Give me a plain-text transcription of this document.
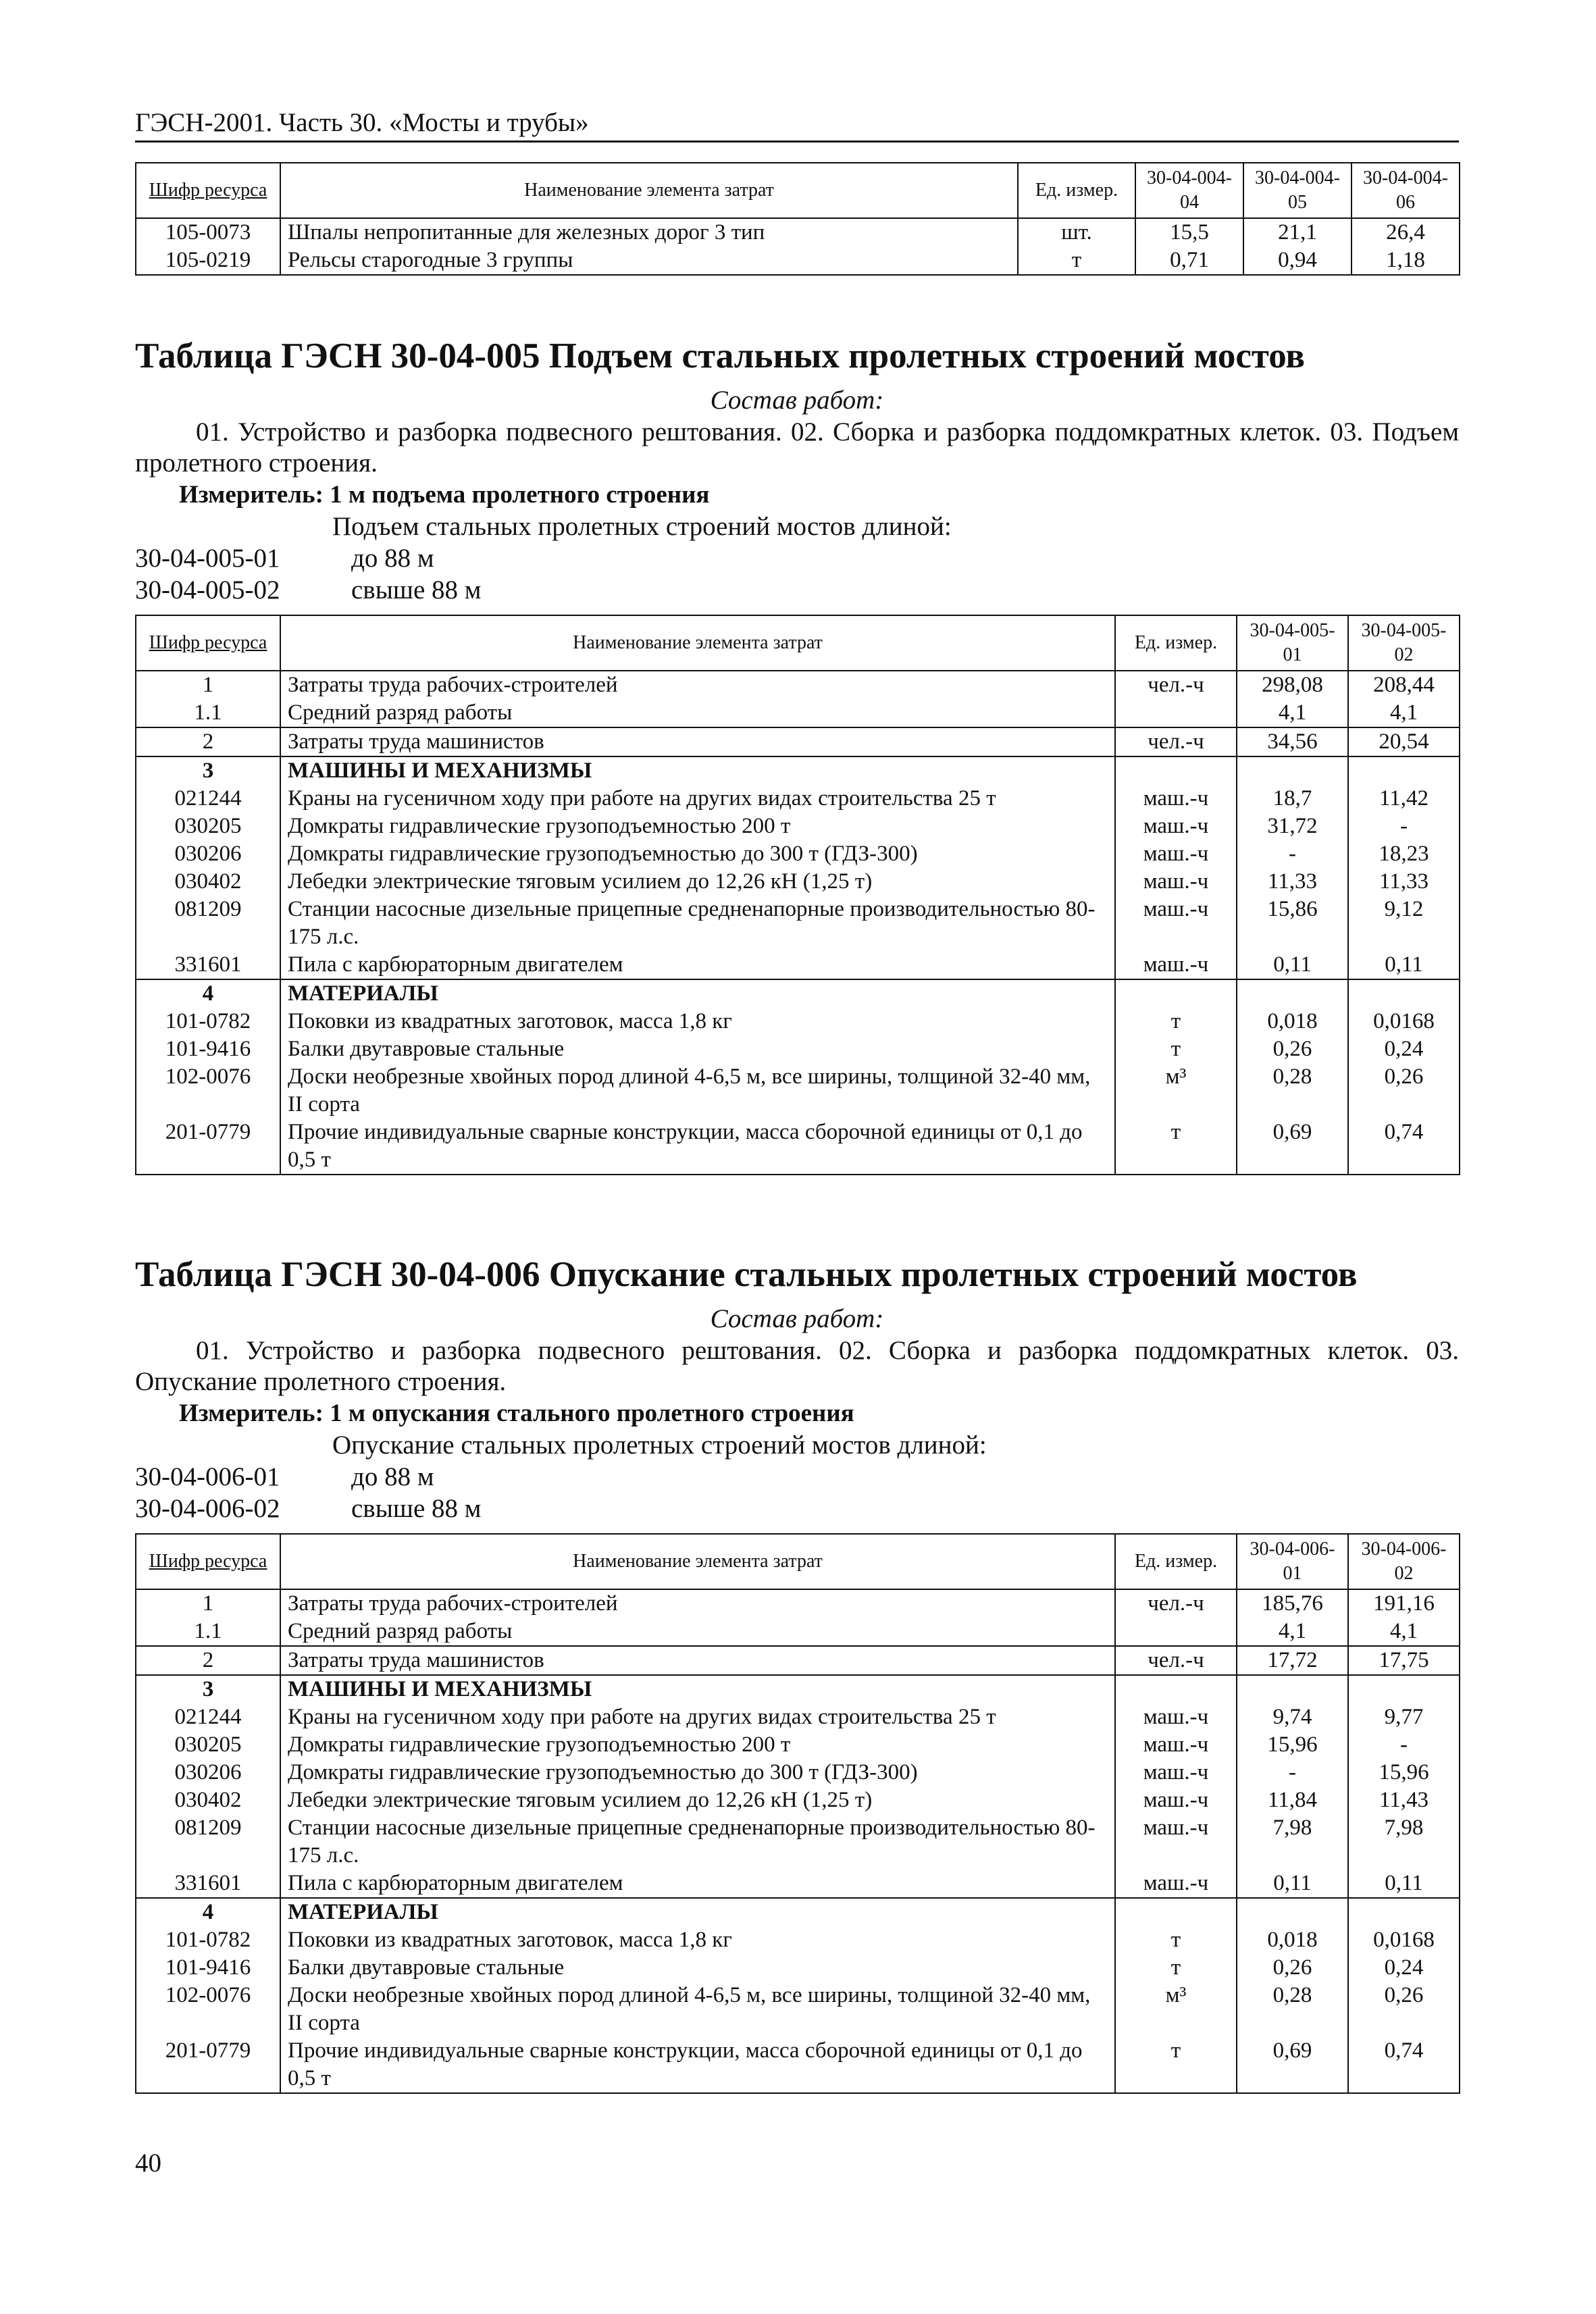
ГЭСН-2001. Часть 30. «Мосты и трубы»
Шифр ресурса	Наименование элемента затрат	Ед. измер.	30-04-004-04	30-04-004-05	30-04-004-06
105-0073	Шпалы непропитанные для железных дорог 3 тип	шт.	15,5	21,1	26,4
105-0219	Рельсы старогодные 3 группы	т	0,71	0,94	1,18
Таблица ГЭСН 30-04-005 Подъем стальных пролетных строений мостов
Состав работ:
01. Устройство и разборка подвесного рештования. 02. Сборка и разборка поддомкратных клеток. 03. Подъем пролетного строения.
Измеритель: 1 м подъема пролетного строения
Подъем стальных пролетных строений мостов длиной:
30-04-005-01	до 88 м
30-04-005-02	свыше 88 м
Шифр ресурса	Наименование элемента затрат	Ед. измер.	30-04-005-01	30-04-005-02
1	Затраты труда рабочих-строителей	чел.-ч	298,08	208,44
1.1	Средний разряд работы		4,1	4,1
2	Затраты труда машинистов	чел.-ч	34,56	20,54
3	МАШИНЫ И МЕХАНИЗМЫ			
021244	Краны на гусеничном ходу при работе на других видах строительства 25 т	маш.-ч	18,7	11,42
030205	Домкраты гидравлические грузоподъемностью 200 т	маш.-ч	31,72	-
030206	Домкраты гидравлические грузоподъемностью до 300 т (ГДЗ-300)	маш.-ч	-	18,23
030402	Лебедки электрические тяговым усилием до 12,26 кН (1,25 т)	маш.-ч	11,33	11,33
081209	Станции насосные дизельные прицепные средненапорные производительностью 80-175 л.с.	маш.-ч	15,86	9,12
331601	Пила с карбюраторным двигателем	маш.-ч	0,11	0,11
4	МАТЕРИАЛЫ			
101-0782	Поковки из квадратных заготовок, масса 1,8 кг	т	0,018	0,0168
101-9416	Балки двутавровые стальные	т	0,26	0,24
102-0076	Доски необрезные хвойных пород длиной 4-6,5 м, все ширины, толщиной 32-40 мм, II сорта	м³	0,28	0,26
201-0779	Прочие индивидуальные сварные конструкции, масса сборочной единицы от 0,1 до 0,5 т	т	0,69	0,74
Таблица ГЭСН 30-04-006 Опускание стальных пролетных строений мостов
Состав работ:
01. Устройство и разборка подвесного рештования. 02. Сборка и разборка поддомкратных клеток. 03. Опускание пролетного строения.
Измеритель: 1 м опускания стального пролетного строения
Опускание стальных пролетных строений мостов длиной:
30-04-006-01	до 88 м
30-04-006-02	свыше 88 м
Шифр ресурса	Наименование элемента затрат	Ед. измер.	30-04-006-01	30-04-006-02
1	Затраты труда рабочих-строителей	чел.-ч	185,76	191,16
1.1	Средний разряд работы		4,1	4,1
2	Затраты труда машинистов	чел.-ч	17,72	17,75
3	МАШИНЫ И МЕХАНИЗМЫ			
021244	Краны на гусеничном ходу при работе на других видах строительства 25 т	маш.-ч	9,74	9,77
030205	Домкраты гидравлические грузоподъемностью 200 т	маш.-ч	15,96	-
030206	Домкраты гидравлические грузоподъемностью до 300 т (ГДЗ-300)	маш.-ч	-	15,96
030402	Лебедки электрические тяговым усилием до 12,26 кН (1,25 т)	маш.-ч	11,84	11,43
081209	Станции насосные дизельные прицепные средненапорные производительностью 80-175 л.с.	маш.-ч	7,98	7,98
331601	Пила с карбюраторным двигателем	маш.-ч	0,11	0,11
4	МАТЕРИАЛЫ			
101-0782	Поковки из квадратных заготовок, масса 1,8 кг	т	0,018	0,0168
101-9416	Балки двутавровые стальные	т	0,26	0,24
102-0076	Доски необрезные хвойных пород длиной 4-6,5 м, все ширины, толщиной 32-40 мм, II сорта	м³	0,28	0,26
201-0779	Прочие индивидуальные сварные конструкции, масса сборочной единицы от 0,1 до 0,5 т	т	0,69	0,74
40
